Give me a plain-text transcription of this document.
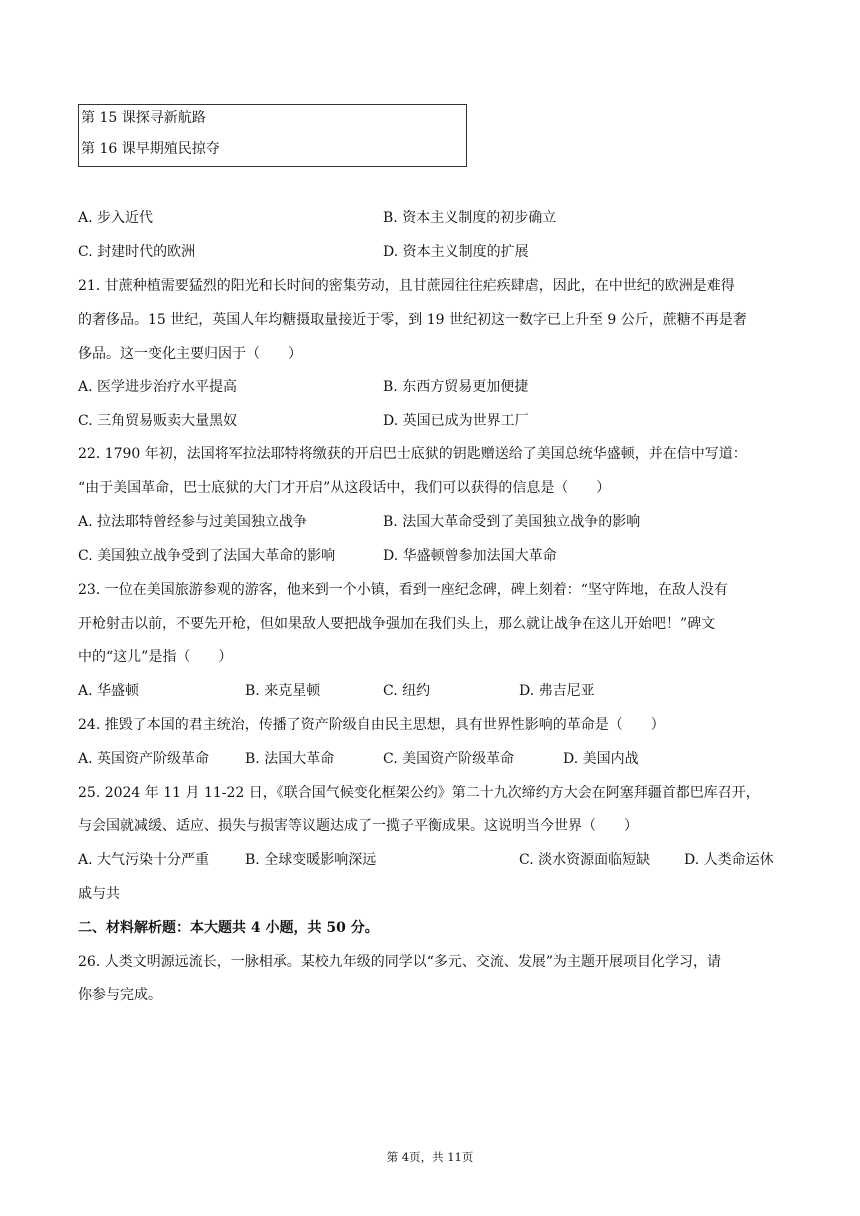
第 15 课探寻新航路
第 16 课早期殖民掠夺
A. 步入近代	B. 资本主义制度的初步确立
C. 封建时代的欧洲	D. 资本主义制度的扩展
21. 甘蔗种植需要猛烈的阳光和长时间的密集劳动，且甘蔗园往往疟疾肆虐，因此，在中世纪的欧洲是难得
的奢侈品。15 世纪，英国人年均糖摄取量接近于零，到 19 世纪初这一数字已上升至 9 公斤，蔗糖不再是奢
侈品。这一变化主要归因于（　　）
A. 医学进步治疗水平提高	B. 东西方贸易更加便捷
C. 三角贸易贩卖大量黑奴	D. 英国已成为世界工厂
22. 1790 年初，法国将军拉法耶特将缴获的开启巴士底狱的钥匙赠送给了美国总统华盛顿，并在信中写道：
“由于美国革命，巴士底狱的大门才开启”从这段话中，我们可以获得的信息是（　　）
A. 拉法耶特曾经参与过美国独立战争	B. 法国大革命受到了美国独立战争的影响
C. 美国独立战争受到了法国大革命的影响	D. 华盛顿曾参加法国大革命
23. 一位在美国旅游参观的游客，他来到一个小镇，看到一座纪念碑，碑上刻着：“坚守阵地，在敌人没有
开枪射击以前，不要先开枪，但如果敌人要把战争强加在我们头上，那么就让战争在这儿开始吧！”碑文
中的“这儿”是指（　　）
A. 华盛顿	B. 来克星顿	C. 纽约	D. 弗吉尼亚
24. 推毁了本国的君主统治，传播了资产阶级自由民主思想，具有世界性影响的革命是（　　）
A. 英国资产阶级革命	B. 法国大革命	C. 美国资产阶级革命	D. 美国内战
25. 2024 年 11 月 11-22 日，《联合国气候变化框架公约》第二十九次缔约方大会在阿塞拜疆首都巴库召开，
与会国就减缓、适应、损失与损害等议题达成了一揽子平衡成果。这说明当今世界（　　）
A. 大气污染十分严重	B. 全球变暖影响深远	C. 淡水资源面临短缺 D. 人类命运休
戚与共
二、材料解析题：本大题共 4 小题，共 50 分。
26. 人类文明源远流长，一脉相承。某校九年级的同学以“多元、交流、发展”为主题开展项目化学习，请
你参与完成。
第 4页，共 11页
